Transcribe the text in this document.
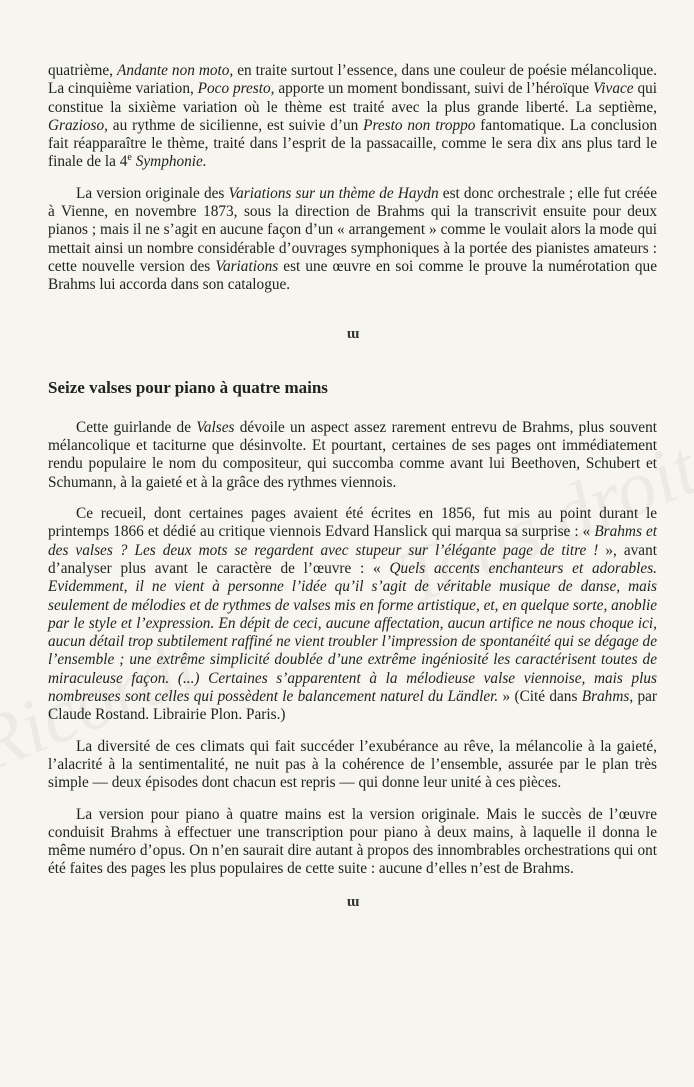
quatrième, Andante non moto, en traite surtout l’essence, dans une couleur de poésie mélancolique. La cinquième variation, Poco presto, apporte un moment bondissant, suivi de l’héroïque Vivace qui constitue la sixième variation où le thème est traité avec la plus grande liberté. La septième, Grazioso, au rythme de sicilienne, est suivie d’un Presto non troppo fantomatique. La conclusion fait réapparaître le thème, traité dans l’esprit de la passacaille, comme le sera dix ans plus tard le finale de la 4e Symphonie.

La version originale des Variations sur un thème de Haydn est donc orchestrale ; elle fut créée à Vienne, en novembre 1873, sous la direction de Brahms qui la transcrivit ensuite pour deux pianos ; mais il ne s’agit en aucune façon d’un « arrangement » comme le voulait alors la mode qui mettait ainsi un nombre considérable d’ouvrages symphoniques à la portée des pianistes amateurs : cette nouvelle version des Variations est une œuvre en soi comme le prouve la numérotation que Brahms lui accorda dans son catalogue.

ɯ
Seize valses pour piano à quatre mains

Cette guirlande de Valses dévoile un aspect assez rarement entrevu de Brahms, plus souvent mélancolique et taciturne que désinvolte. Et pourtant, certaines de ses pages ont immédiatement rendu populaire le nom du compositeur, qui succomba comme avant lui Beethoven, Schubert et Schumann, à la gaieté et à la grâce des rythmes viennois.

Ce recueil, dont certaines pages avaient été écrites en 1856, fut mis au point durant le printemps 1866 et dédié au critique viennois Edvard Hanslick qui marqua sa surprise : « Brahms et des valses ? Les deux mots se regardent avec stupeur sur l’élégante page de titre ! », avant d’analyser plus avant le caractère de l’œuvre : « Quels accents enchanteurs et adorables. Evidemment, il ne vient à personne l’idée qu’il s’agit de véritable musique de danse, mais seulement de mélodies et de rythmes de valses mis en forme artistique, et, en quelque sorte, anoblie par le style et l’expression. En dépit de ceci, aucune affectation, aucun artifice ne nous choque ici, aucun détail trop subtilement raffiné ne vient troubler l’impression de spontanéité qui se dégage de l’ensemble ; une extrême simplicité doublée d’une extrême ingéniosité les caractérisent toutes de miraculeuse façon. (...) Certaines s’apparentent à la mélodieuse valse viennoise, mais plus nombreuses sont celles qui possèdent le balancement naturel du Ländler. » (Cité dans Brahms, par Claude Rostand. Librairie Plon. Paris.)

La diversité de ces climats qui fait succéder l’exubérance au rêve, la mélancolie à la gaieté, l’alacrité à la sentimentalité, ne nuit pas à la cohérence de l’ensemble, assurée par le plan très simple — deux épisodes dont chacun est repris — qui donne leur unité à ces pièces.

La version pour piano à quatre mains est la version originale. Mais le succès de l’œuvre conduisit Brahms à effectuer une transcription pour piano à deux mains, à laquelle il donna le même numéro d’opus. On n’en saurait dire autant à propos des innombrables orchestrations qui ont été faites des pages les plus populaires de cette suite : aucune d’elles n’est de Brahms.

ɯ
